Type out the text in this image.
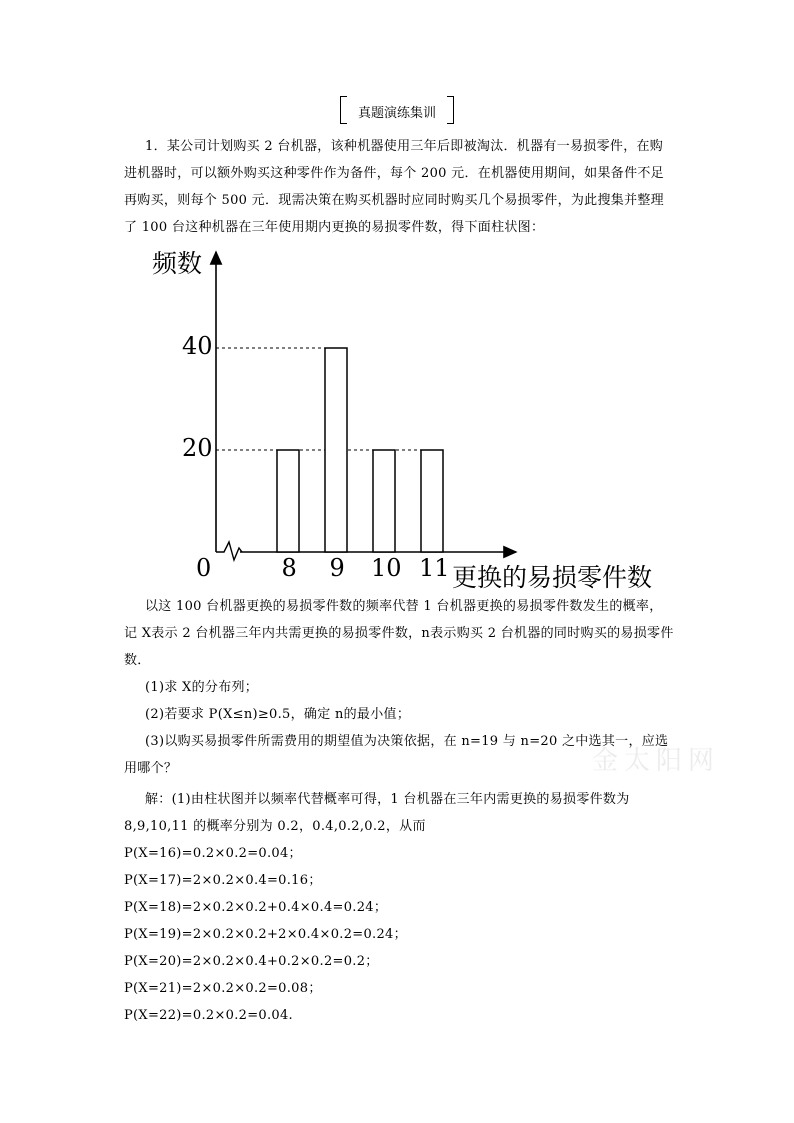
真题演练集训

1．某公司计划购买 2 台机器，该种机器使用三年后即被淘汰．机器有一易损零件，在购

进机器时，可以额外购买这种零件作为备件，每个 200 元．在机器使用期间，如果备件不足

再购买，则每个 500 元．现需决策在购买机器时应同时购买几个易损零件，为此搜集并整理

了 100 台这种机器在三年使用期内更换的易损零件数，得下面柱状图：

频数
0	更换的易损零件数
20
40
8 9 10 11

以这 100 台机器更换的易损零件数的频率代替 1 台机器更换的易损零件数发生的概率，

记 X表示 2 台机器三年内共需更换的易损零件数，n表示购买 2 台机器的同时购买的易损零件

数．

(1)求 X的分布列；

(2)若要求 P(X≤n)≥0.5，确定 n的最小值；

(3)以购买易损零件所需费用的期望值为决策依据，在 n=19 与 n=20 之中选其一，应选

用哪个？

解：(1)由柱状图并以频率代替概率可得，1 台机器在三年内需更换的易损零件数为

8,9,10,11 的概率分别为 0.2，0.4,0.2,0.2，从而

P(X=16)=0.2×0.2=0.04；

P(X=17)=2×0.2×0.4=0.16；

P(X=18)=2×0.2×0.2+0.4×0.4=0.24；

P(X=19)=2×0.2×0.2+2×0.4×0.2=0.24；

P(X=20)=2×0.2×0.4+0.2×0.2=0.2；

P(X=21)=2×0.2×0.2=0.08；

P(X=22)=0.2×0.2=0.04.

金太阳网
